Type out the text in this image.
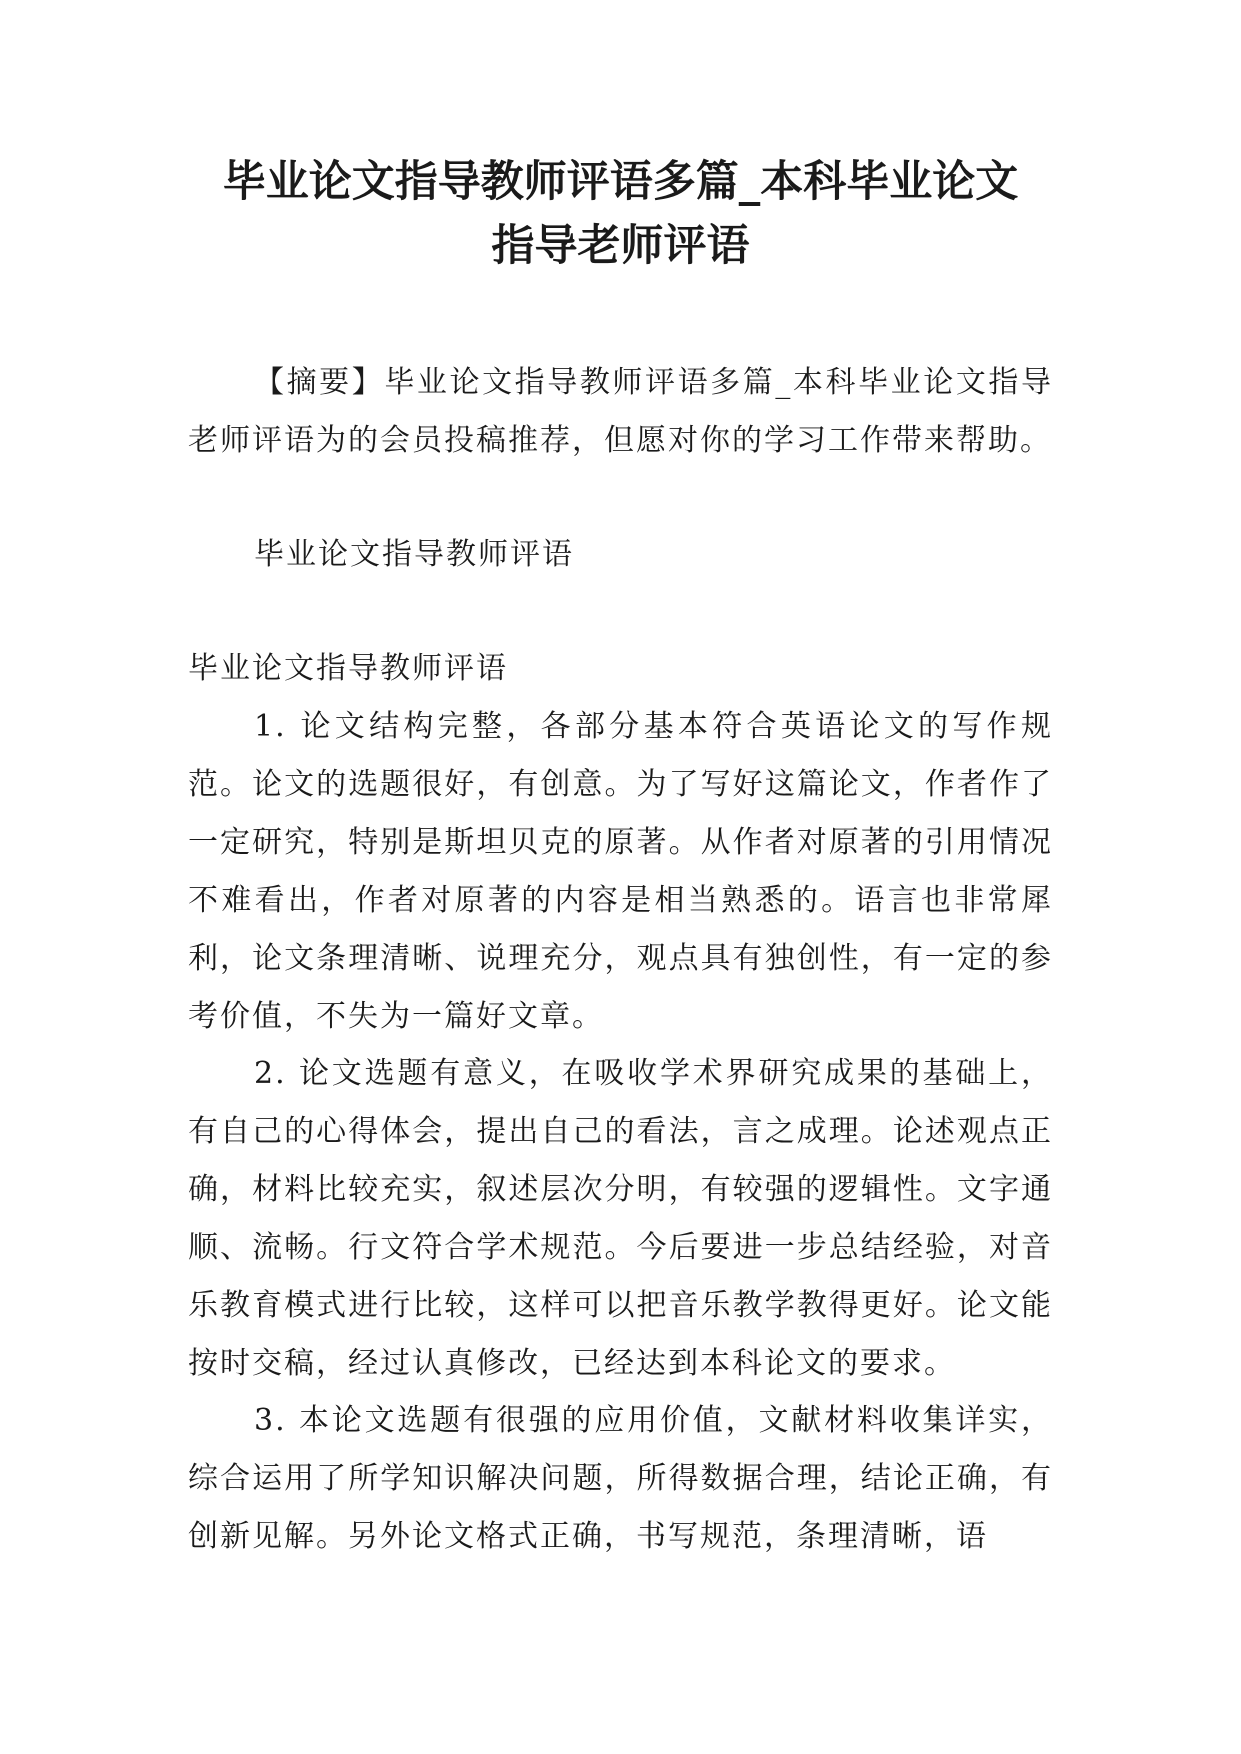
毕业论文指导教师评语多篇_本科毕业论文
指导老师评语

【摘要】毕业论文指导教师评语多篇_本科毕业论文指导老师评语为的会员投稿推荐，但愿对你的学习工作带来帮助。

毕业论文指导教师评语

毕业论文指导教师评语

1. 论文结构完整，各部分基本符合英语论文的写作规范。论文的选题很好，有创意。为了写好这篇论文，作者作了一定研究，特别是斯坦贝克的原著。从作者对原著的引用情况不难看出，作者对原著的内容是相当熟悉的。语言也非常犀利，论文条理清晰、说理充分，观点具有独创性，有一定的参考价值，不失为一篇好文章。

2. 论文选题有意义，在吸收学术界研究成果的基础上，有自己的心得体会，提出自己的看法，言之成理。论述观点正确，材料比较充实，叙述层次分明，有较强的逻辑性。文字通顺、流畅。行文符合学术规范。今后要进一步总结经验，对音乐教育模式进行比较，这样可以把音乐教学教得更好。论文能按时交稿，经过认真修改，已经达到本科论文的要求。

3. 本论文选题有很强的应用价值，文献材料收集详实，综合运用了所学知识解决问题，所得数据合理，结论正确，有创新见解。另外论文格式正确，书写规范，条理清晰，语
